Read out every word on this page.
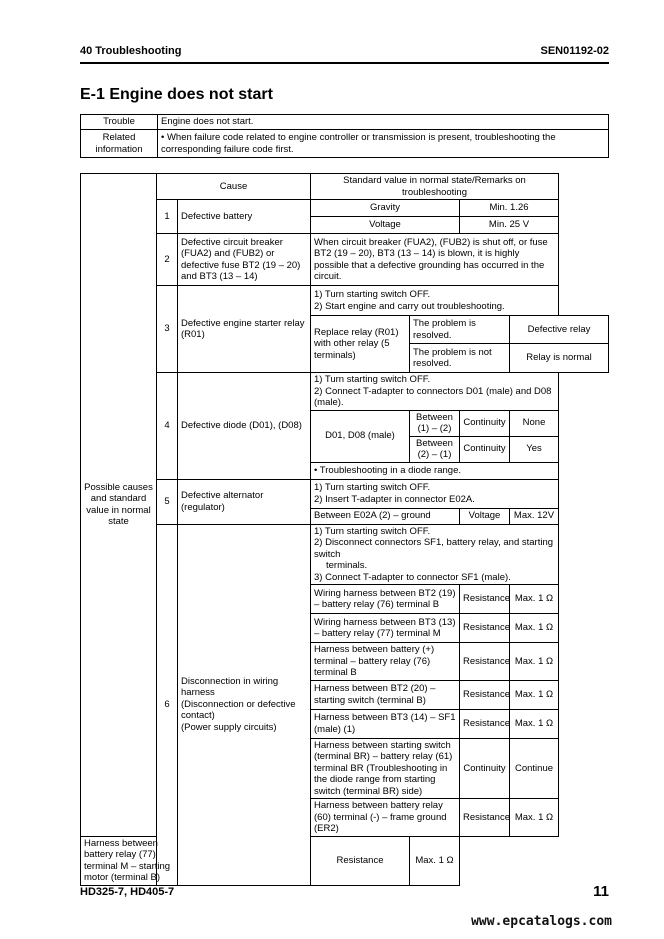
40 Troubleshooting	SEN01192-02
E-1 Engine does not start
Trouble	Engine does not start.
Related information	• When failure code related to engine controller or transmission is present, troubleshooting the corresponding failure code first.
Possible causes and standard value in normal state	Cause		Standard value in normal state/Remarks on troubleshooting			
	1	Defective battery	Gravity		Min. 1.26	
			Voltage		Min. 25 V	
	2	Defective circuit breaker (FUA2) and (FUB2) or defective fuse BT2 (19 – 20) and BT3 (13 – 14)	When circuit breaker (FUA2), (FUB2) is shut off, or fuse BT2 (19 – 20), BT3 (13 – 14) is blown, it is highly possible that a defective grounding has occurred in the circuit.			
	3	Defective engine starter relay (R01)	1) Turn starting switch OFF.
2) Start engine and carry out troubleshooting.			
			Replace relay (R01) with other relay (5 terminals)	The problem is resolved.		Defective relay
				The problem is not resolved.		Relay is normal
	4	Defective diode (D01), (D08)	1) Turn starting switch OFF.
2) Connect T-adapter to connectors D01 (male) and D08 (male).			
			D01, D08 (male)	Between (1) – (2)	Continuity	None
				Between (2) – (1)	Continuity	Yes
			• Troubleshooting in a diode range.			
	5	Defective alternator (regulator)	1) Turn starting switch OFF.
2) Insert T-adapter in connector E02A.			
			Between E02A (2) – ground		Voltage	Max. 12V
	6	Disconnection in wiring harness
(Disconnection or defective contact)
(Power supply circuits)	1) Turn starting switch OFF.
2) Disconnect connectors SF1, battery relay, and starting switch

terminals.
3) Connect T-adapter to connector SF1 (male).			
			Wiring harness between BT2 (19) – battery relay (76) terminal B		Resistance	Max. 1 Ω
			Wiring harness between BT3 (13) – battery relay (77) terminal M		Resistance	Max. 1 Ω
			Harness between battery (+) terminal – battery relay (76) terminal B		Resistance	Max. 1 Ω
			Harness between BT2 (20) – starting switch (terminal B)		Resistance	Max. 1 Ω
			Harness between BT3 (14) – SF1 (male) (1)		Resistance	Max. 1 Ω
			Harness between starting switch (terminal BR) – battery relay (61) terminal BR (Troubleshooting in the diode range from starting switch (terminal BR) side)		Continuity	Continue
			Harness between battery relay (60) terminal (-) – frame ground (ER2)		Resistance	Max. 1 Ω
Harness between battery relay (77) terminal M – starting motor (terminal B)			Resistance	Max. 1 Ω		
HD325-7, HD405-7	11
www.epcatalogs.com
